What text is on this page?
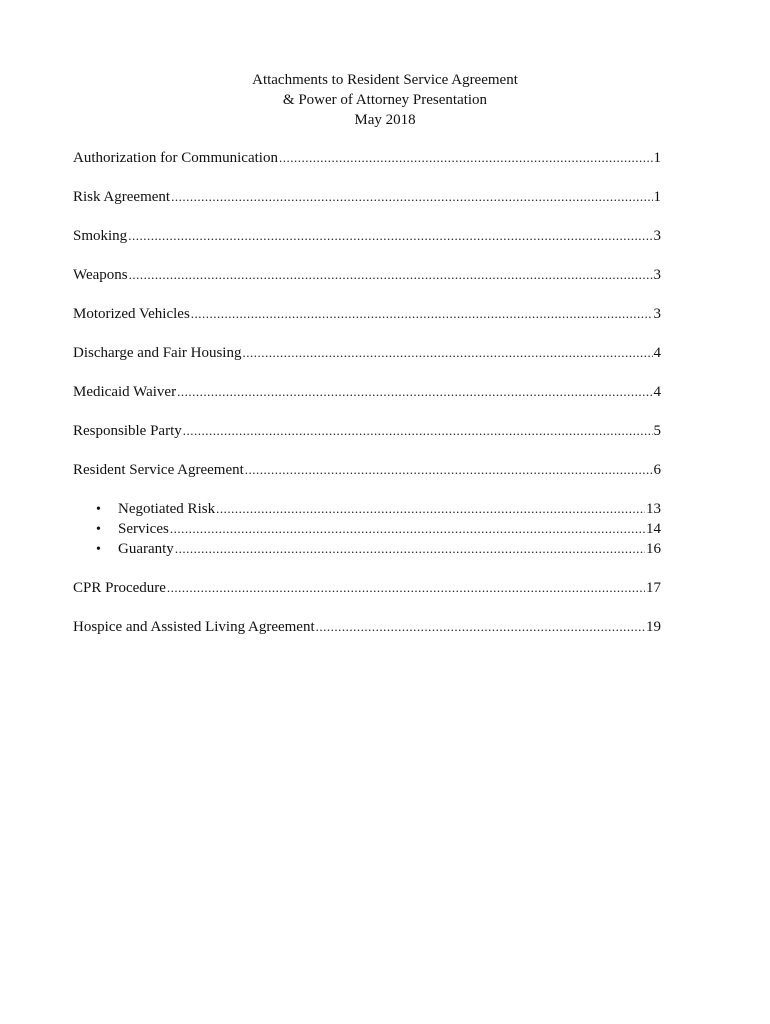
Attachments to Resident Service Agreement
& Power of Attorney Presentation
May 2018
Authorization for Communication .....	1
Risk Agreement .....	1
Smoking .....	3
Weapons .....	3
Motorized Vehicles .....	3
Discharge and Fair Housing .....	4
Medicaid Waiver .....	4
Responsible Party .....	5
Resident Service Agreement .....	6
•	Negotiated Risk .....	13
•	Services .....	14
•	Guaranty .....	16
CPR Procedure .....	17
Hospice and Assisted Living Agreement .....	19
